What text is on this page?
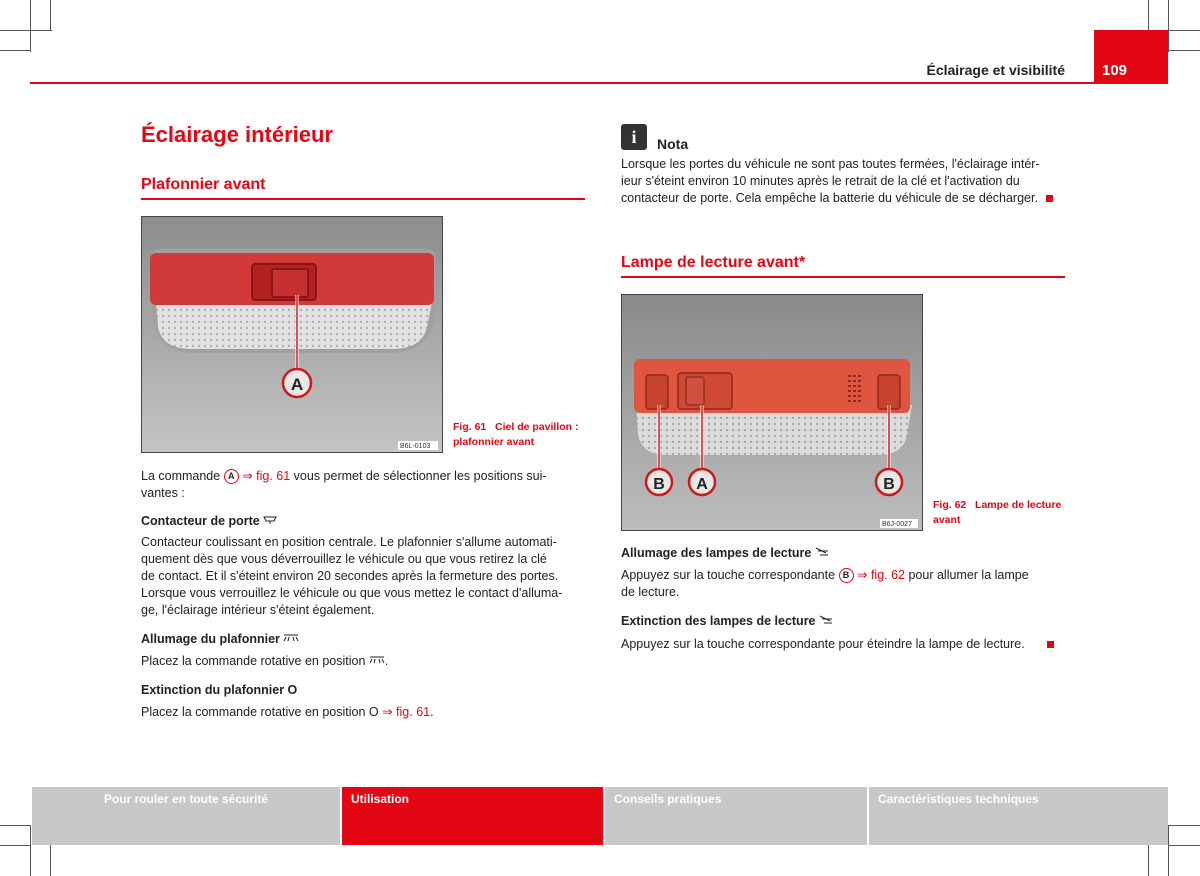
Éclairage et visibilité 109
Éclairage intérieur
Plafonnier avant
A
B6L-0103
Fig. 61 Ciel de pavillon :
plafonnier avant
La commande A ⇒ fig. 61 vous permet de sélectionner les positions sui-
vantes :
Contacteur de porte
Contacteur coulissant en position centrale. Le plafonnier s'allume automati-
quement dès que vous déverrouillez le véhicule ou que vous retirez la clé
de contact. Et il s'éteint environ 20 secondes après la fermeture des portes.
Lorsque vous verrouillez le véhicule ou que vous mettez le contact d'alluma-
ge, l'éclairage intérieur s'éteint également.
Allumage du plafonnier
Placez la commande rotative en position .
Extinction du plafonnier O
Placez la commande rotative en position O ⇒ fig. 61.
i	Nota
Lorsque les portes du véhicule ne sont pas toutes fermées, l'éclairage intér-
ieur s'éteint environ 10 minutes après le retrait de la clé et l'activation du
contacteur de porte. Cela empêche la batterie du véhicule de se décharger.
Lampe de lecture avant*
B A	B
B6J-0027
Fig. 62 Lampe de lecture
avant
Allumage des lampes de lecture
Appuyez sur la touche correspondante B ⇒ fig. 62 pour allumer la lampe
de lecture.
Extinction des lampes de lecture
Appuyez sur la touche correspondante pour éteindre la lampe de lecture.
Pour rouler en toute sécurité	Utilisation	Conseils pratiques	Caractéristiques techniques
